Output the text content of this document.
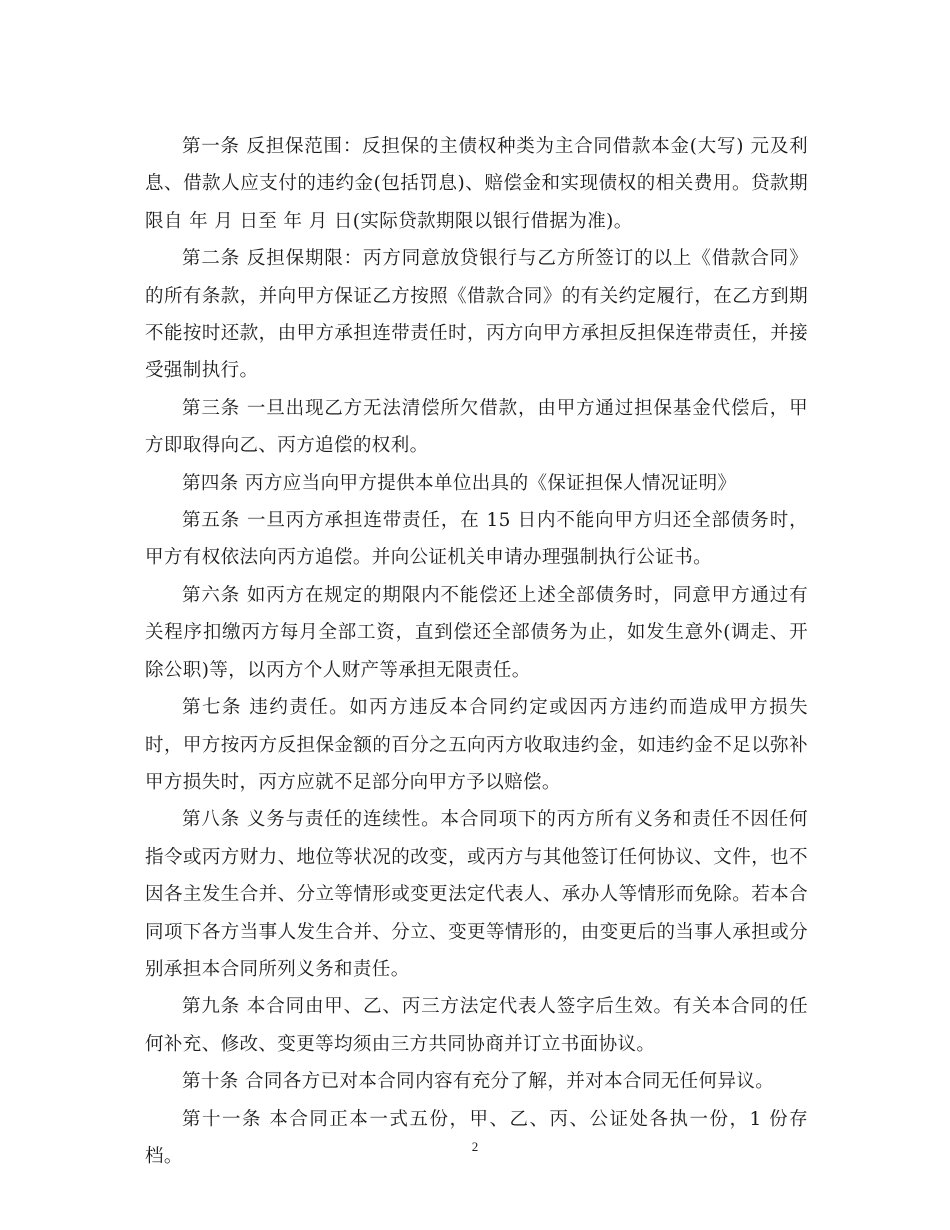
第一条 反担保范围：反担保的主债权种类为主合同借款本金(大写) 元及利息、借款人应支付的违约金(包括罚息)、赔偿金和实现债权的相关费用。贷款期限自 年 月 日至 年 月 日(实际贷款期限以银行借据为准)。

第二条 反担保期限：丙方同意放贷银行与乙方所签订的以上《借款合同》的所有条款，并向甲方保证乙方按照《借款合同》的有关约定履行，在乙方到期不能按时还款，由甲方承担连带责任时，丙方向甲方承担反担保连带责任，并接受强制执行。

第三条 一旦出现乙方无法清偿所欠借款，由甲方通过担保基金代偿后，甲方即取得向乙、丙方追偿的权利。

第四条 丙方应当向甲方提供本单位出具的《保证担保人情况证明》

第五条 一旦丙方承担连带责任，在 15 日内不能向甲方归还全部债务时，甲方有权依法向丙方追偿。并向公证机关申请办理强制执行公证书。

第六条 如丙方在规定的期限内不能偿还上述全部债务时，同意甲方通过有关程序扣缴丙方每月全部工资，直到偿还全部债务为止，如发生意外(调走、开除公职)等，以丙方个人财产等承担无限责任。

第七条 违约责任。如丙方违反本合同约定或因丙方违约而造成甲方损失时，甲方按丙方反担保金额的百分之五向丙方收取违约金，如违约金不足以弥补甲方损失时，丙方应就不足部分向甲方予以赔偿。

第八条 义务与责任的连续性。本合同项下的丙方所有义务和责任不因任何指令或丙方财力、地位等状况的改变，或丙方与其他签订任何协议、文件，也不因各主发生合并、分立等情形或变更法定代表人、承办人等情形而免除。若本合同项下各方当事人发生合并、分立、变更等情形的，由变更后的当事人承担或分别承担本合同所列义务和责任。

第九条 本合同由甲、乙、丙三方法定代表人签字后生效。有关本合同的任何补充、修改、变更等均须由三方共同协商并订立书面协议。

第十条 合同各方已对本合同内容有充分了解，并对本合同无任何异议。

第十一条 本合同正本一式五份，甲、乙、丙、公证处各执一份，1 份存档。	2
